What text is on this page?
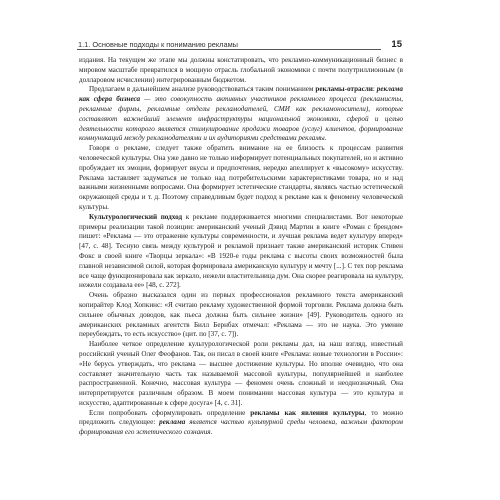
1.1. Основные подходы к пониманию рекламы	15

издания. На текущем же этапе мы должны констатировать, что рекламно-коммуникационный бизнес в мировом масштабе превратился в мощную отрасль глобальной экономики с почти полутриллионным (в долларовом исчислении) интегрированным бюджетом.

Предлагаем в дальнейшем анализе руководствоваться таким пониманием рекламы-отрасли: реклама как сфера бизнеса — это совокупность активных участников рекламного процесса (рекламисты, рекламные фирмы, рекламные отделы рекламодателей, СМИ как рекламоносители), которые составляют важнейший элемент инфраструктуры национальной экономики, сферой и целью деятельности которого является стимулирование продажи товаров (услуг) клиентов, формирование коммуникаций между рекламодателями и их аудиториями средствами рекламы.

Говоря о рекламе, следует также обратить внимание на ее близость к процессам развития человеческой культуры. Она уже давно не только информирует потенциальных покупателей, но и активно пробуждает их эмоции, формирует вкусы и предпочтения, нередко апеллирует к «высокому» искусству. Реклама заставляет задуматься не только над потребительскими характеристиками товара, но и над важными жизненными вопросами. Она формирует эстетические стандарты, являясь частью эстетической окружающей среды и т. д. Поэтому справедливым будет подход к рекламе как к феномену человеческой культуры.

Культурологический подход к рекламе поддерживается многими специалистами. Вот некоторые примеры реализации такой позиции: американский ученый Дэвид Мартин в книге «Роман с брендом» пишет: «Реклама — это отражение культуры современности, и лучшая реклама ведет культуру вперед» [47, с. 48]. Тесную связь между культурой и рекламой признает также американский историк Стивен Фокс в своей книге «Творцы зеркала»: «В 1920-е годы реклама с высоты своих возможностей была главной независимой силой, которая формировала американскую культуру и мечту [...]. С тех пор реклама все чаще функционировала как зеркало, нежели властительница дум. Она скорее реагировала на культуру, нежели создавала ее» [48, с. 272].

Очень образно высказался один из первых профессионалов рекламного текста американский копирайтер Клод Хопкинс: «Я считаю рекламу художественной формой торговли. Реклама должна быть сильнее обычных доводов, как пьеса должна быть сильнее жизни» [49]. Руководитель одного из американских рекламных агентств Билл Бернбах отмечал: «Реклама — это не наука. Это умение переубеждать, то есть искусство» (цит. по [37, с. 7]).

Наиболее четкое определение культурологической роли рекламы дал, на наш взгляд, известный российский ученый Олег Феофанов. Так, он писал в своей книге «Реклама: новые технологии в России»: «Не берусь утверждать, что реклама — высшее достижение культуры. Но вполне очевидно, что она составляет значительную часть так называемой массовой культуры, популярнейшей и наиболее распространенной. Конечно, массовая культура — феномен очень сложный и неоднозначный. Она интерпретируется различным образом. В моем понимании массовая культура — это культура и искусство, адаптированные к сфере досуга» [4, с. 31].

Если попробовать сформулировать определение рекламы как явления культуры, то можно предложить следующее: реклама является частью культурной среды человека, важным фактором формирования его эстетического сознания.
